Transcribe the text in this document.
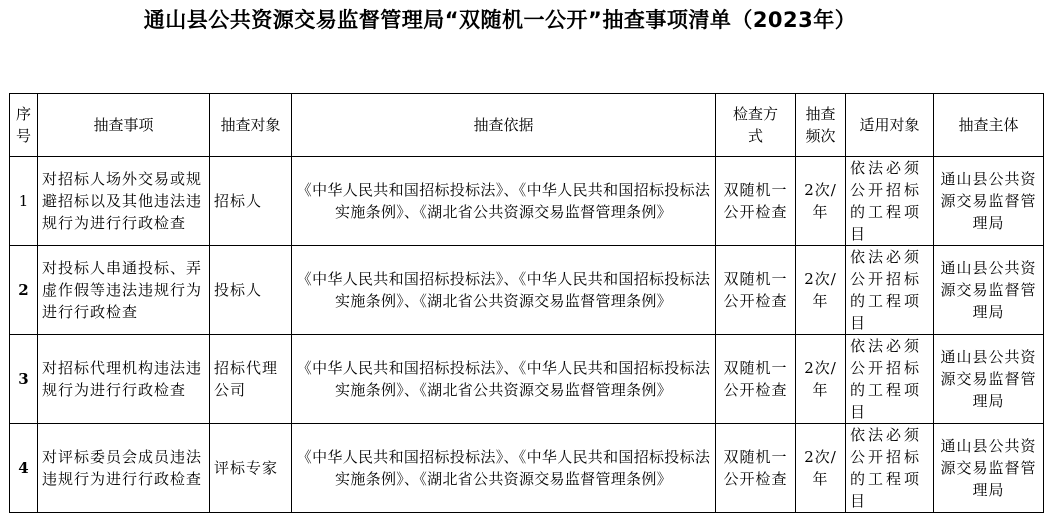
通山县公共资源交易监督管理局“双随机一公开”抽查事项清单（2023年）
序号	抽查事项	抽查对象	抽查依据	检查方式	抽查频次	适用对象	抽查主体
1	对招标人场外交易或规避招标以及其他违法违规行为进行行政检查	招标人	《中华人民共和国招标投标法》、《中华人民共和国招标投标法实施条例》、《湖北省公共资源交易监督管理条例》	双随机一公开检查	2次/年	依法必须公开招标的工程项目	通山县公共资源交易监督管理局
2	对投标人串通投标、弄虚作假等违法违规行为进行行政检查	投标人	《中华人民共和国招标投标法》、《中华人民共和国招标投标法实施条例》、《湖北省公共资源交易监督管理条例》	双随机一公开检查	2次/年	依法必须公开招标的工程项目	通山县公共资源交易监督管理局
3	对招标代理机构违法违规行为进行行政检查	招标代理公司	《中华人民共和国招标投标法》、《中华人民共和国招标投标法实施条例》、《湖北省公共资源交易监督管理条例》	双随机一公开检查	2次/年	依法必须公开招标的工程项目	通山县公共资源交易监督管理局
4	对评标委员会成员违法违规行为进行行政检查	评标专家	《中华人民共和国招标投标法》、《中华人民共和国招标投标法实施条例》、《湖北省公共资源交易监督管理条例》	双随机一公开检查	2次/年	依法必须公开招标的工程项目	通山县公共资源交易监督管理局
